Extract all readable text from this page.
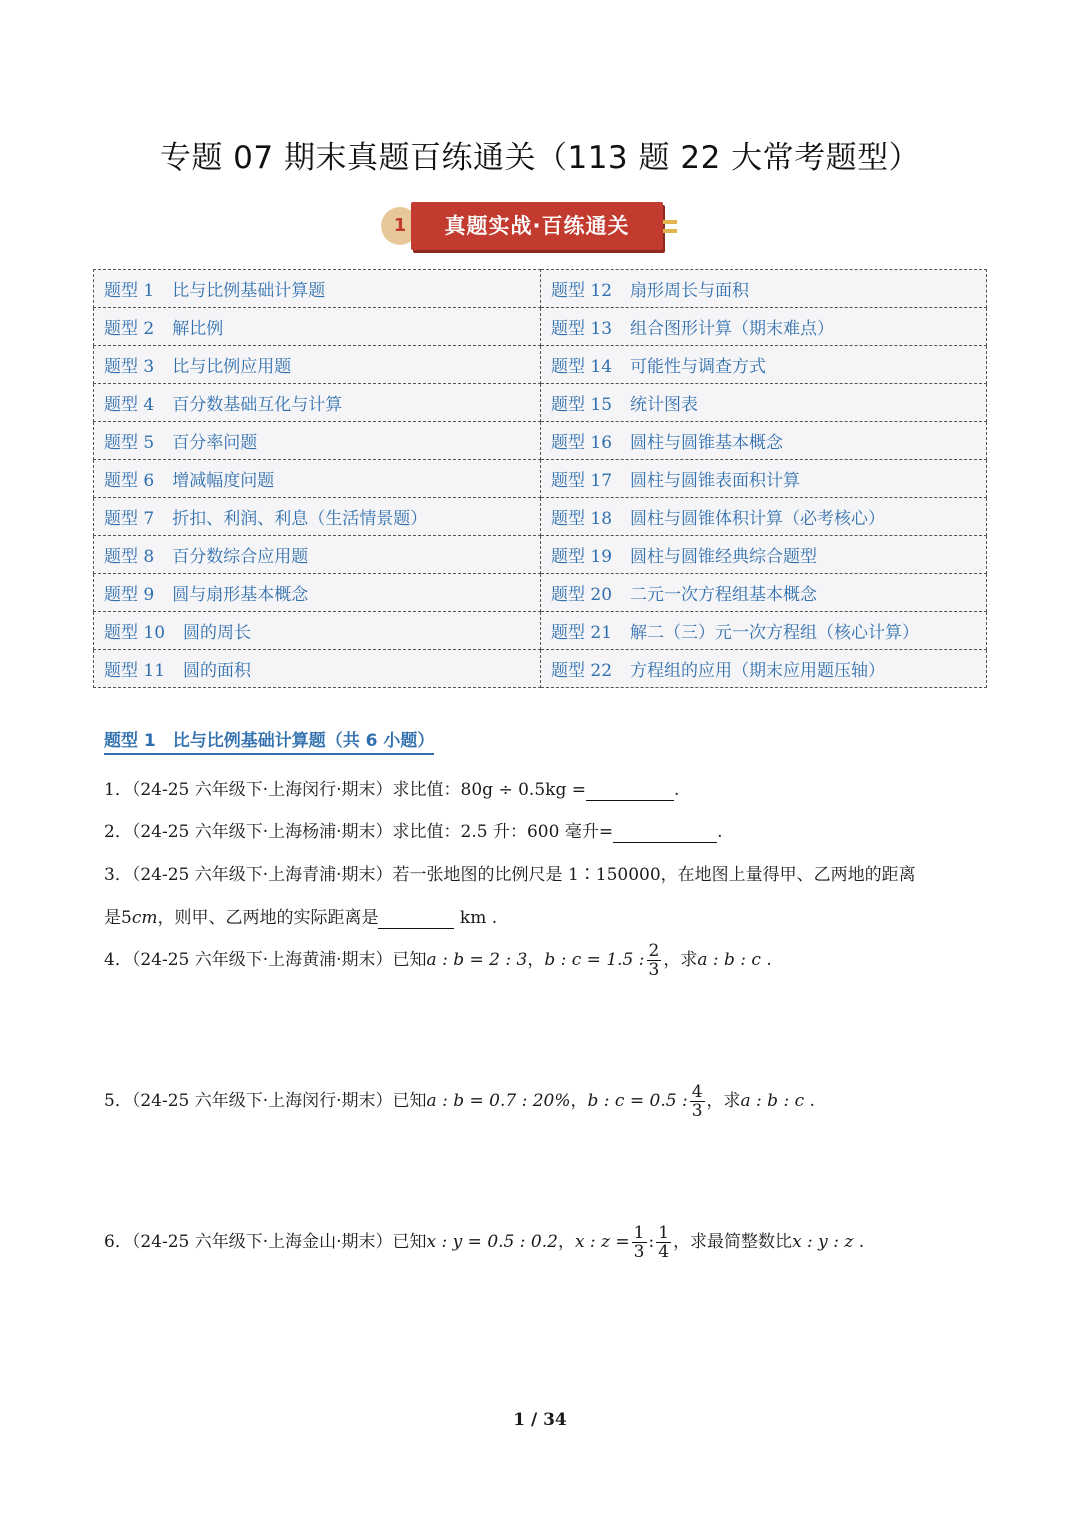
专题 07 期末真题百练通关（113 题 22 大常考题型）
1	真题实战·百练通关
题型 1 比与比例基础计算题	题型 12 扇形周长与面积
题型 2 解比例	题型 13 组合图形计算（期末难点）
题型 3 比与比例应用题	题型 14 可能性与调查方式
题型 4 百分数基础互化与计算	题型 15 统计图表
题型 5 百分率问题	题型 16 圆柱与圆锥基本概念
题型 6 增减幅度问题	题型 17 圆柱与圆锥表面积计算
题型 7 折扣、利润、利息（生活情景题）	题型 18 圆柱与圆锥体积计算（必考核心）
题型 8 百分数综合应用题	题型 19 圆柱与圆锥经典综合题型
题型 9 圆与扇形基本概念	题型 20 二元一次方程组基本概念
题型 10 圆的周长	题型 21 解二（三）元一次方程组（核心计算）
题型 11 圆的面积	题型 22 方程组的应用（期末应用题压轴）
题型 1　比与比例基础计算题（共 6 小题）
1．（24-25 六年级下·上海闵行·期末）求比值：80g ÷ 0.5kg =	.
2．（24-25 六年级下·上海杨浦·期末）求比值：2.5 升：600 毫升=	.
3．（24-25 六年级下·上海青浦·期末）若一张地图的比例尺是 1∶150000，在地图上量得甲、乙两地的距离
是5cm，则甲、乙两地的实际距离是	km .
4．（24-25 六年级下·上海黄浦·期末）已知a : b = 2 : 3，b : c = 1.5 : $\frac{2}{3}$ ，求a : b : c .
5．（24-25 六年级下·上海闵行·期末）已知a : b = 0.7 : 20%，b : c = 0.5 : $\frac{4}{3}$ ，求a : b : c .
6．（24-25 六年级下·上海金山·期末）已知x : y = 0.5 : 0.2，x : $z = \frac{1}{3}$ : $\frac{1}{4}$ ，求最简整数比x : y : z .
1 / 34
